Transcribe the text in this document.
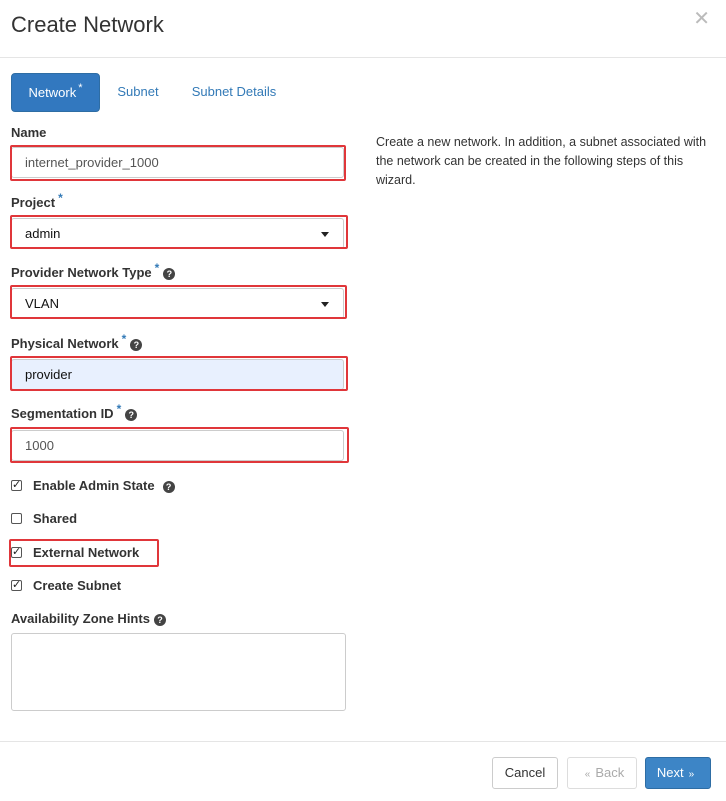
Create Network	✕
Network *	Subnet	Subnet Details
Name
internet_provider_1000
Project *
admin
Provider Network Type * ?
VLAN
Physical Network * ?
provider
Segmentation ID * ?
1000
✓ Enable Admin State ?
Shared
✓ External Network
✓ Create Subnet
Availability Zone Hints ?

Create a new network. In addition, a subnet associated with the network can be created in the following steps of this wizard.

Cancel	« Back	Next »
